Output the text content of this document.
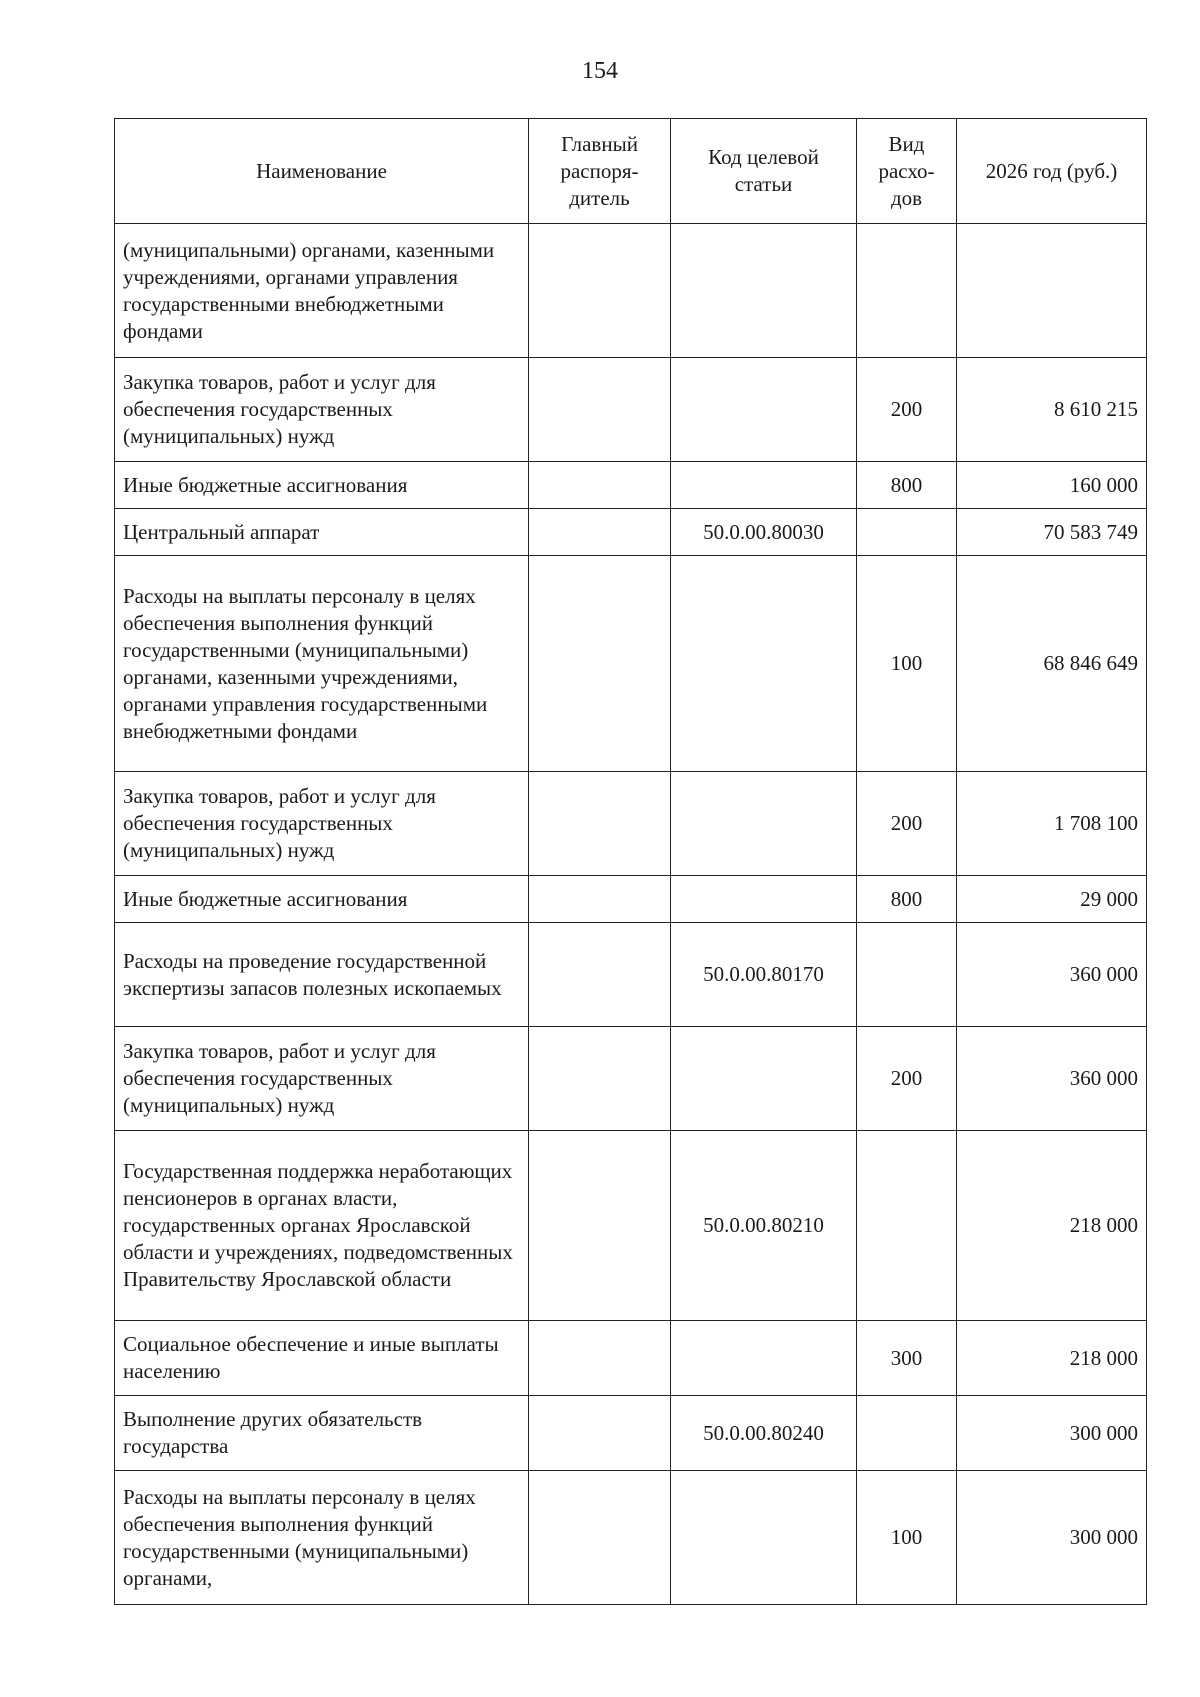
154
Наименование	Главный распоря-дитель	Код целевой статьи	Вид расхо-дов	2026 год (руб.)
(муниципальными) органами, казенными учреждениями, органами управления государственными внебюджетными фондами				
Закупка товаров, работ и услуг для обеспечения государственных (муниципальных) нужд			200	8 610 215
Иные бюджетные ассигнования			800	160 000
Центральный аппарат		50.0.00.80030		70 583 749
Расходы на выплаты персоналу в целях обеспечения выполнения функций государственными (муниципальными) органами, казенными учреждениями, органами управления государственными внебюджетными фондами			100	68 846 649
Закупка товаров, работ и услуг для обеспечения государственных (муниципальных) нужд			200	1 708 100
Иные бюджетные ассигнования			800	29 000
Расходы на проведение государственной экспертизы запасов полезных ископаемых		50.0.00.80170		360 000
Закупка товаров, работ и услуг для обеспечения государственных (муниципальных) нужд			200	360 000
Государственная поддержка неработающих пенсионеров в органах власти, государственных органах Ярославской области и учреждениях, подведомственных Правительству Ярославской области		50.0.00.80210		218 000
Социальное обеспечение и иные выплаты населению			300	218 000
Выполнение других обязательств государства		50.0.00.80240		300 000
Расходы на выплаты персоналу в целях обеспечения выполнения функций государственными (муниципальными) органами,			100	300 000
